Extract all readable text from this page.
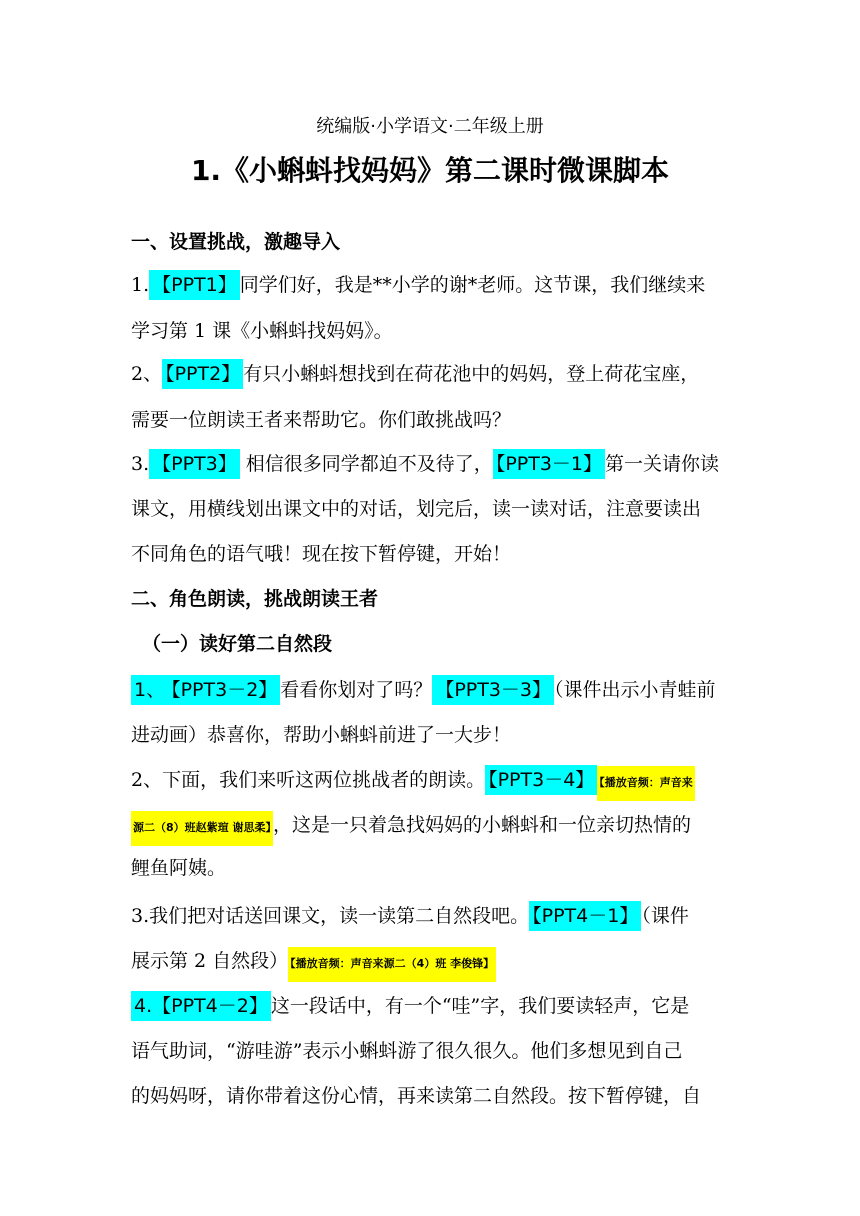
统编版·小学语文·二年级上册
1.《小蝌蚪找妈妈》第二课时微课脚本
一、设置挑战，激趣导入
1. 【PPT1】 同学们好，我是**小学的谢*老师。这节课，我们继续来
学习第 1 课《小蝌蚪找妈妈》。
2、 【PPT2】 有只小蝌蚪想找到在荷花池中的妈妈，登上荷花宝座，
需要一位朗读王者来帮助它。你们敢挑战吗？
3. 【PPT3】 相信很多同学都迫不及待了， 【PPT3－1】 第一关请你读
课文，用横线划出课文中的对话，划完后，读一读对话，注意要读出
不同角色的语气哦！现在按下暂停键，开始！
二、角色朗读，挑战朗读王者
（一）读好第二自然段
1、 【PPT3－2】 看看你划对了吗？ 【PPT3－3】 （课件出示小青蛙前
进动画）恭喜你，帮助小蝌蚪前进了一大步！
2、下面，我们来听这两位挑战者的朗读。 【PPT3－4】 【播放音频：声音来
源二（8）班赵紫瑄 谢思柔】 ，这是一只着急找妈妈的小蝌蚪和一位亲切热情的
鲤鱼阿姨。
3.我们把对话送回课文，读一读第二自然段吧。 【PPT4－1】 （课件
展示第 2 自然段） 【播放音频：声音来源二（4）班 李俊锋】
4.【PPT4－2】 这一段话中，有一个“哇”字，我们要读轻声，它是
语气助词，“游哇游”表示小蝌蚪游了很久很久。他们多想见到自己
的妈妈呀，请你带着这份心情，再来读第二自然段。按下暂停键，自
